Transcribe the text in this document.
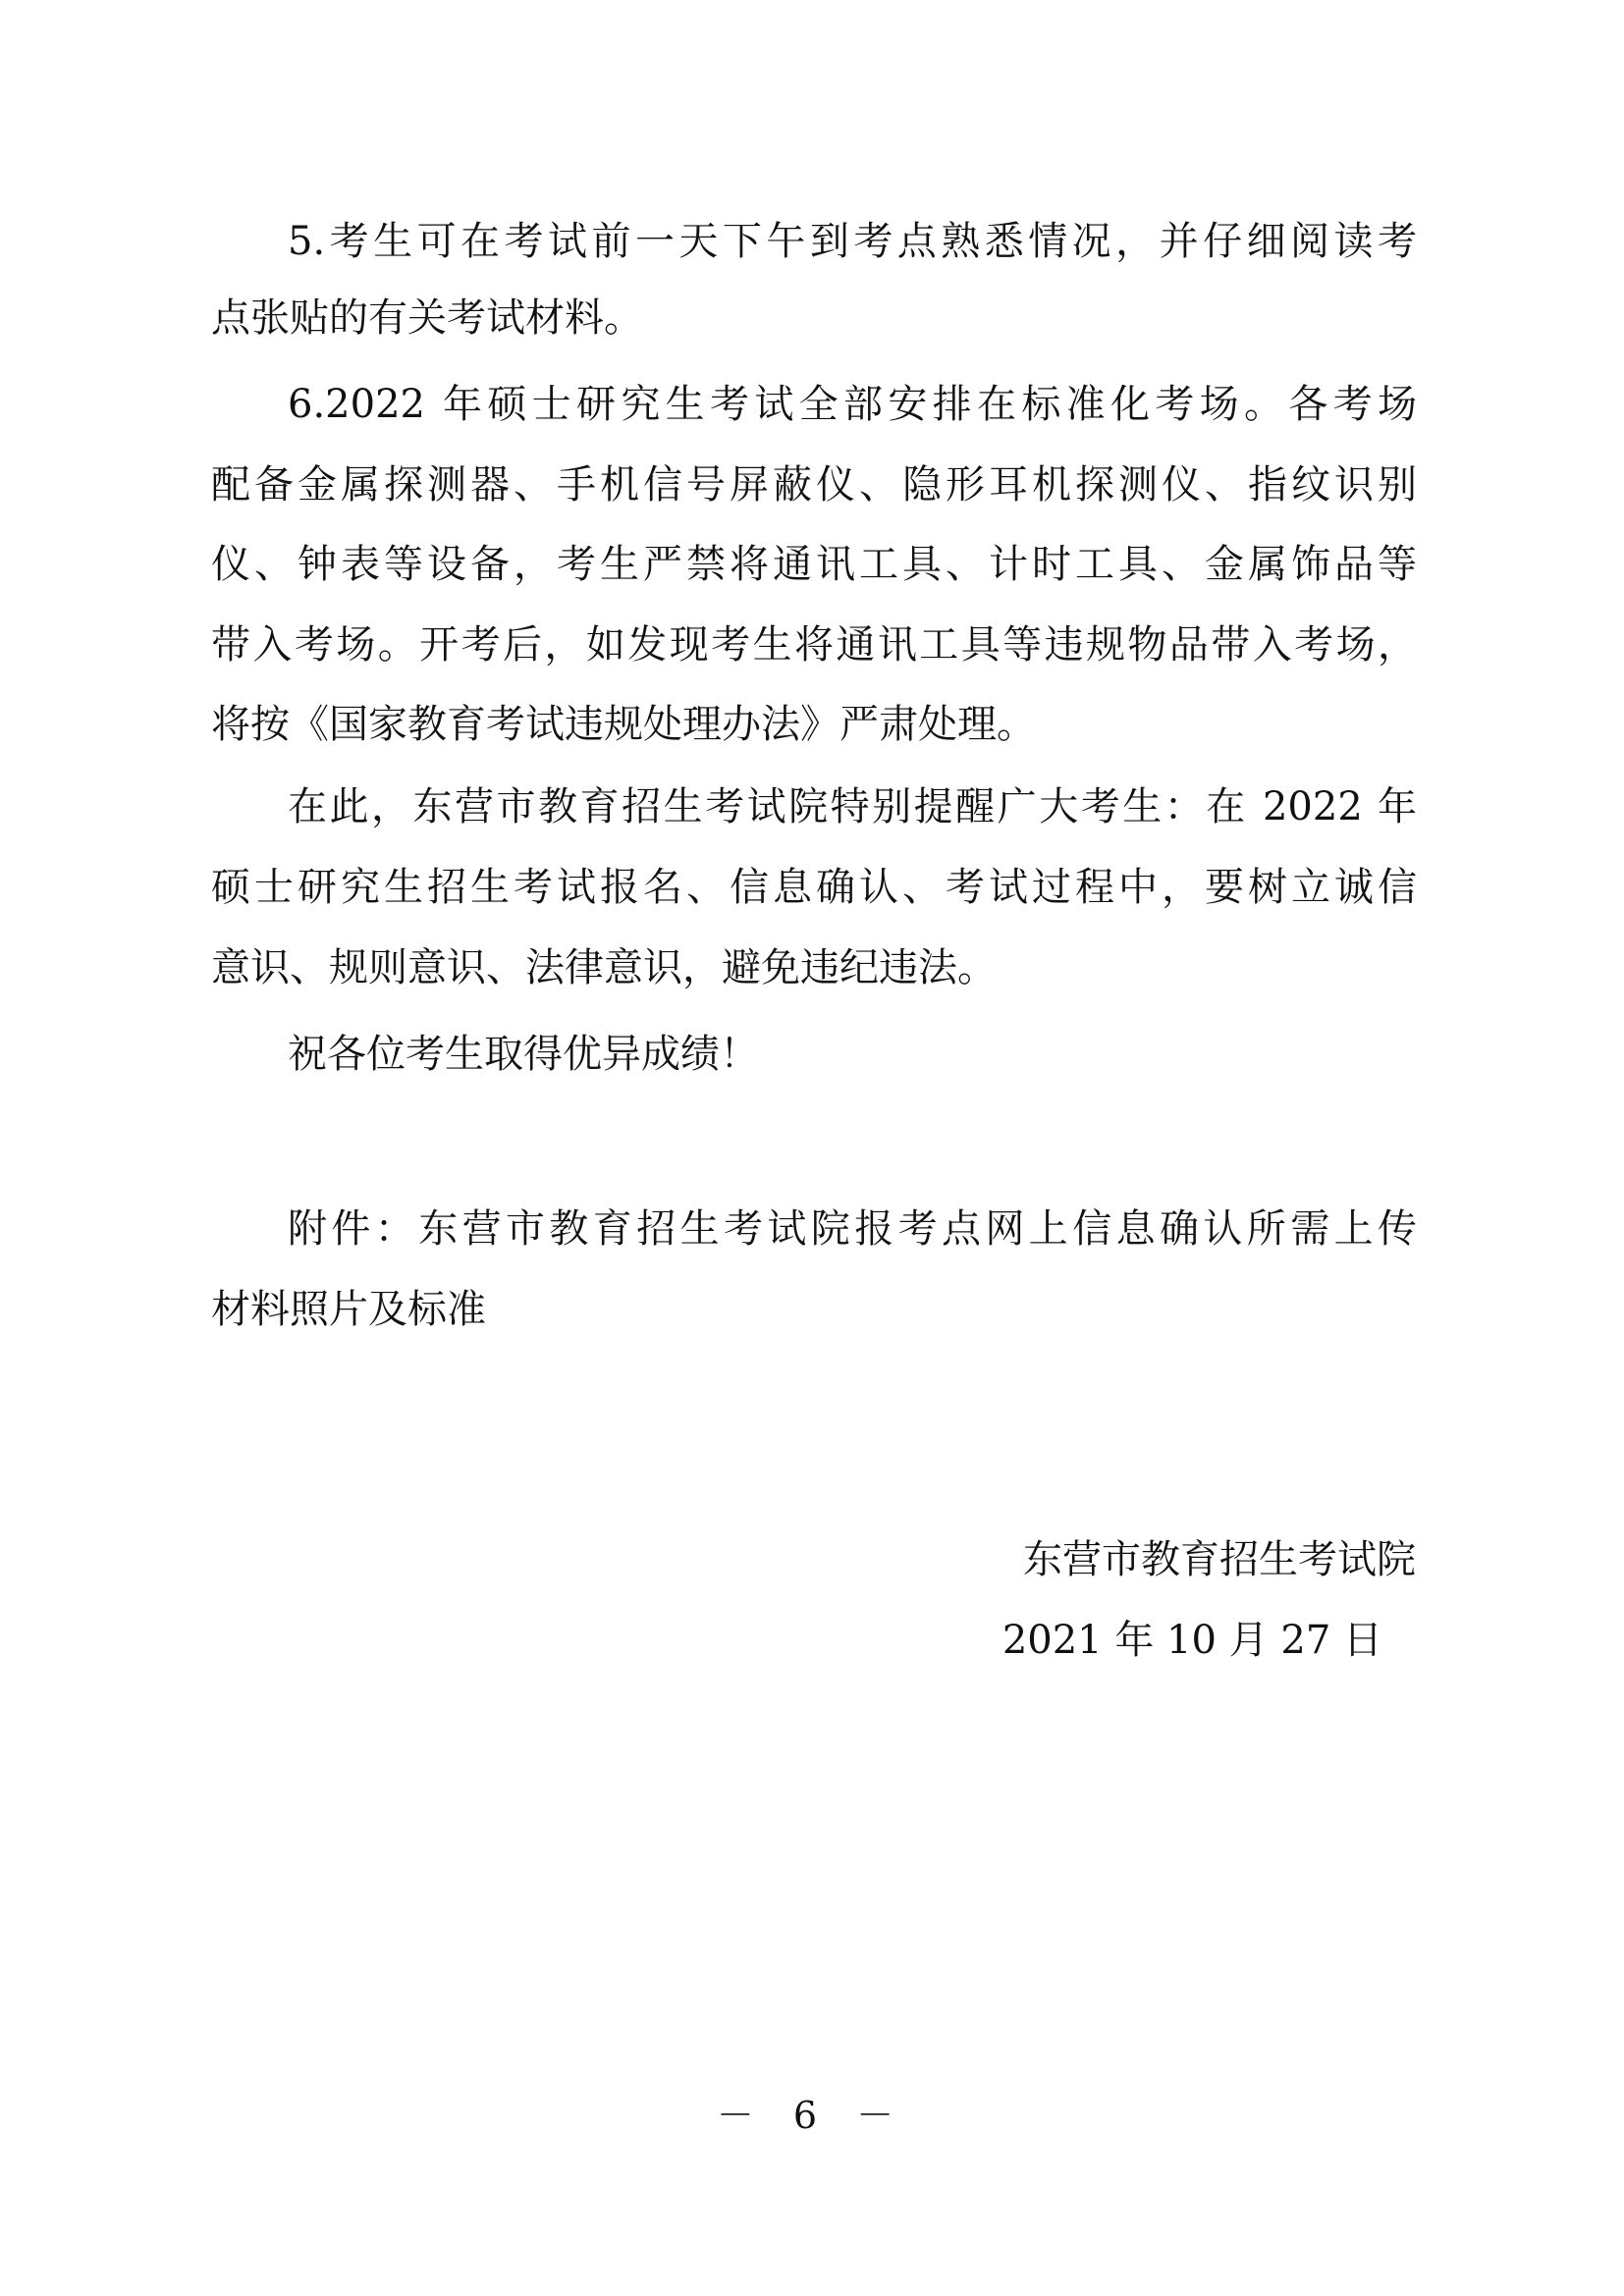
5.考生可在考试前一天下午到考点熟悉情况，并仔细阅读考
点张贴的有关考试材料。
6.2022 年硕士研究生考试全部安排在标准化考场。各考场
配备金属探测器、手机信号屏蔽仪、隐形耳机探测仪、指纹识别
仪、钟表等设备，考生严禁将通讯工具、计时工具、金属饰品等
带入考场。开考后，如发现考生将通讯工具等违规物品带入考场，
将按《国家教育考试违规处理办法》严肃处理。
在此，东营市教育招生考试院特别提醒广大考生：在 2022 年
硕士研究生招生考试报名、信息确认、考试过程中，要树立诚信
意识、规则意识、法律意识，避免违纪违法。
祝各位考生取得优异成绩！
附件：东营市教育招生考试院报考点网上信息确认所需上传
材料照片及标准
东营市教育招生考试院
2021 年 10 月 27 日
－ 6 －
